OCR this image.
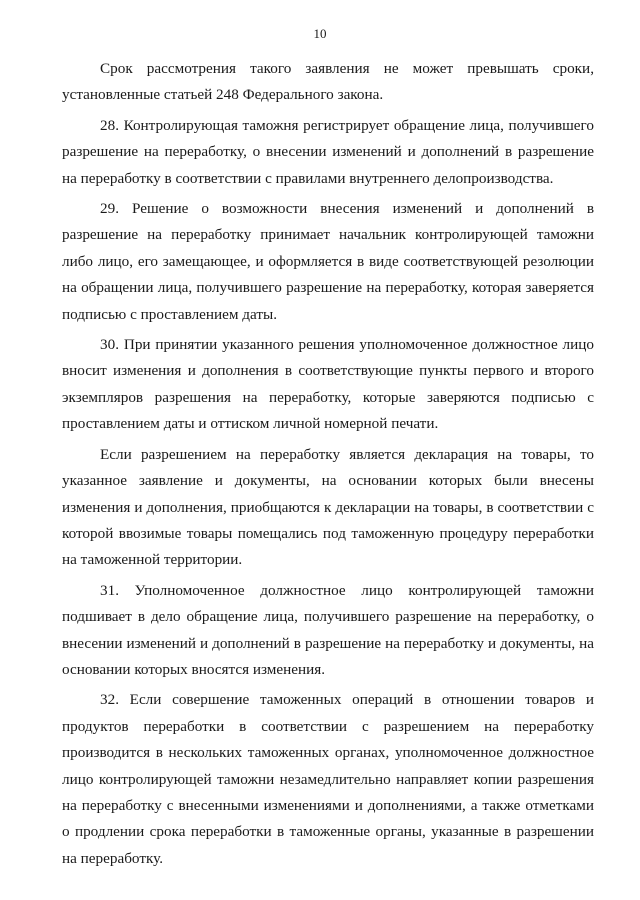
10

Срок рассмотрения такого заявления не может превышать сроки, установленные статьей 248 Федерального закона.

28. Контролирующая таможня регистрирует обращение лица, получившего разрешение на переработку, о внесении изменений и дополнений в разрешение на переработку в соответствии с правилами внутреннего делопроизводства.

29. Решение о возможности внесения изменений и дополнений в разрешение на переработку принимает начальник контролирующей таможни либо лицо, его замещающее, и оформляется в виде соответствующей резолюции на обращении лица, получившего разрешение на переработку, которая заверяется подписью с проставлением даты.

30. При принятии указанного решения уполномоченное должностное лицо вносит изменения и дополнения в соответствующие пункты первого и второго экземпляров разрешения на переработку, которые заверяются подписью с проставлением даты и оттиском личной номерной печати.

Если разрешением на переработку является декларация на товары, то указанное заявление и документы, на основании которых были внесены изменения и дополнения, приобщаются к декларации на товары, в соответствии с которой ввозимые товары помещались под таможенную процедуру переработки на таможенной территории.

31. Уполномоченное должностное лицо контролирующей таможни подшивает в дело обращение лица, получившего разрешение на переработку, о внесении изменений и дополнений в разрешение на переработку и документы, на основании которых вносятся изменения.

32. Если совершение таможенных операций в отношении товаров и продуктов переработки в соответствии с разрешением на переработку производится в нескольких таможенных органах, уполномоченное должностное лицо контролирующей таможни незамедлительно направляет копии разрешения на переработку с внесенными изменениями и дополнениями, а также отметками о продлении срока переработки в таможенные органы, указанные в разрешении на переработку.
